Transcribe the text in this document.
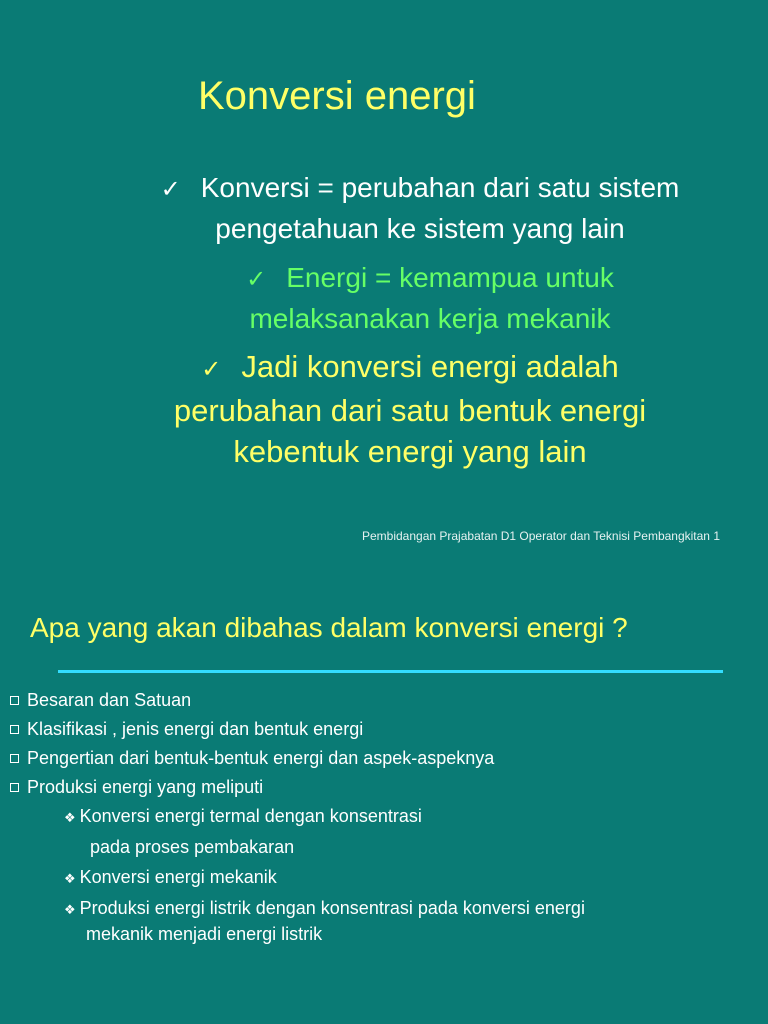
Konversi energi
✓ Konversi = perubahan dari satu sistem
pengetahuan ke sistem yang lain
✓ Energi = kemampua untuk
melaksanakan kerja mekanik
✓ Jadi konversi energi adalah
perubahan dari satu bentuk energi
kebentuk energi yang lain
Pembidangan Prajabatan D1 Operator dan Teknisi Pembangkitan 1
Apa yang akan dibahas dalam konversi energi ?
Besaran dan Satuan
Klasifikasi , jenis energi dan bentuk energi
Pengertian dari bentuk-bentuk energi dan aspek-aspeknya
Produksi energi yang meliputi
❖ Konversi energi termal dengan konsentrasi
pada proses pembakaran
❖ Konversi energi mekanik
❖ Produksi energi listrik dengan konsentrasi pada konversi energi
mekanik menjadi energi listrik
